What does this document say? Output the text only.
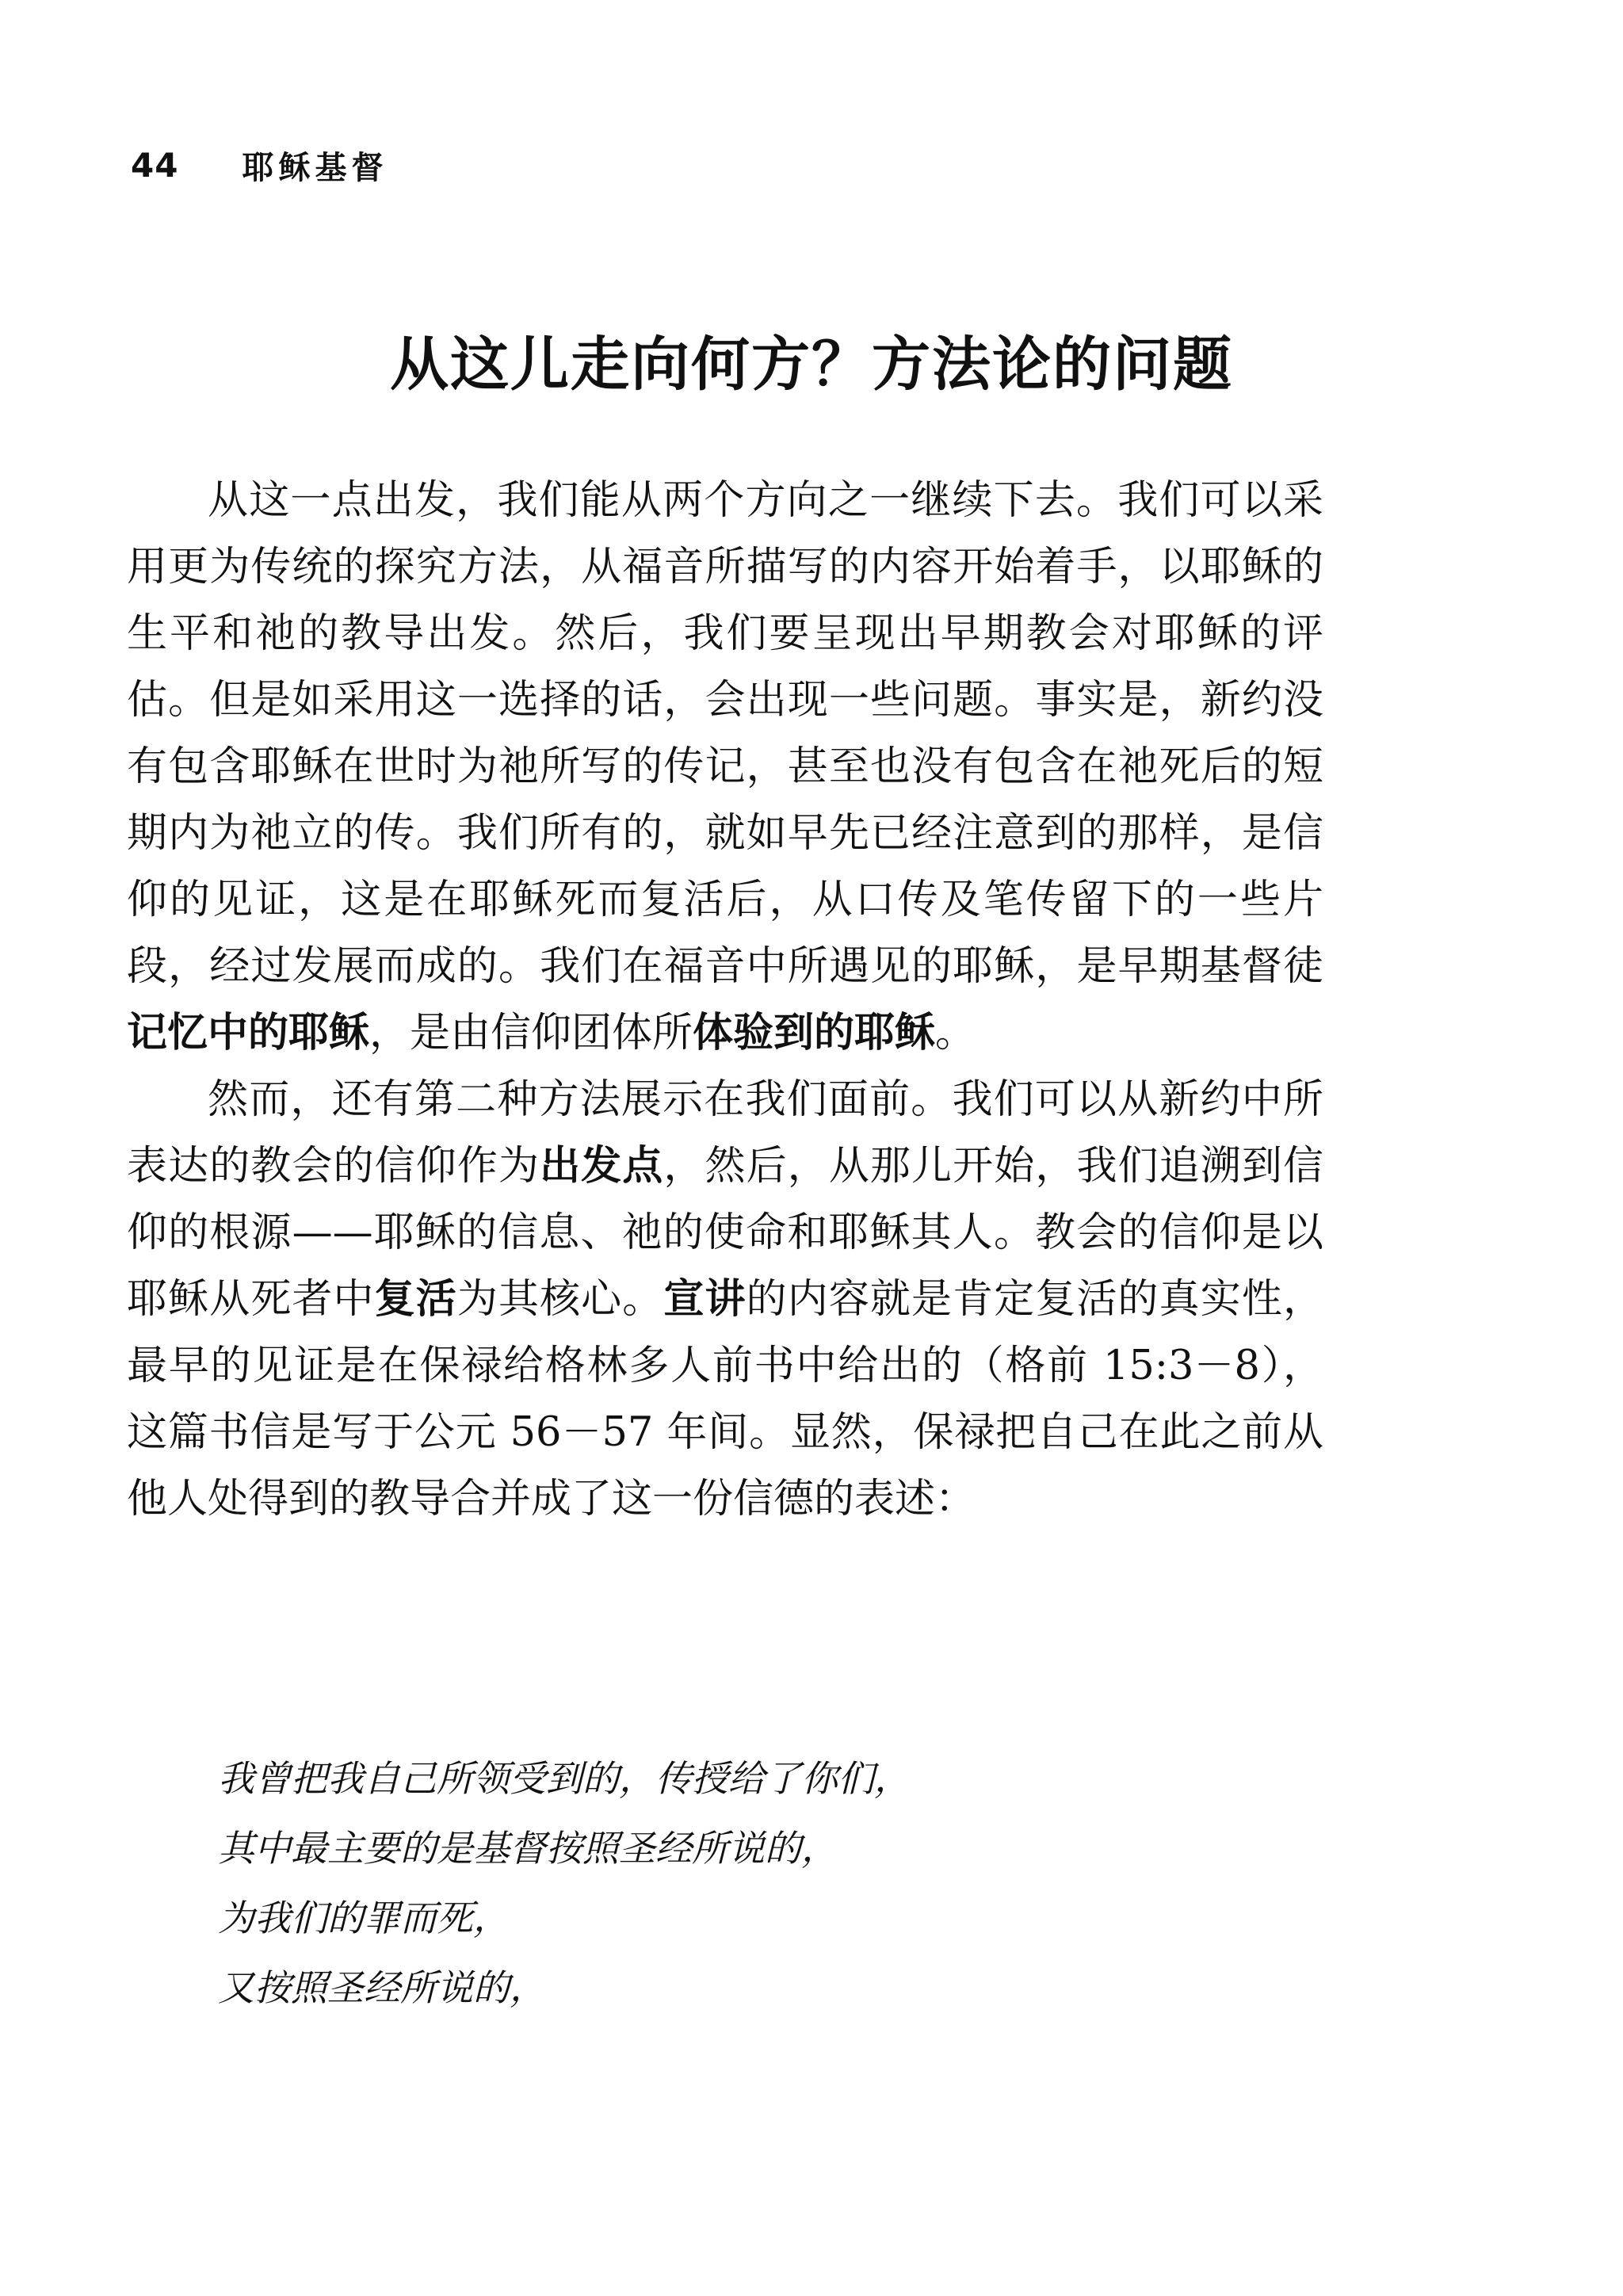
44 耶稣基督
从这儿走向何方？方法论的问题

从这一点出发，我们能从两个方向之一继续下去。我们可以采用更为传统的探究方法，从福音所描写的内容开始着手，以耶稣的生平和祂的教导出发。然后，我们要呈现出早期教会对耶稣的评估。但是如采用这一选择的话，会出现一些问题。事实是，新约没有包含耶稣在世时为祂所写的传记，甚至也没有包含在祂死后的短期内为祂立的传。我们所有的，就如早先已经注意到的那样，是信仰的见证，这是在耶稣死而复活后，从口传及笔传留下的一些片段，经过发展而成的。我们在福音中所遇见的耶稣，是早期基督徒记忆中的耶稣，是由信仰团体所体验到的耶稣。

然而，还有第二种方法展示在我们面前。我们可以从新约中所表达的教会的信仰作为出发点，然后，从那儿开始，我们追溯到信仰的根源——耶稣的信息、祂的使命和耶稣其人。教会的信仰是以耶稣从死者中复活为其核心。宣讲的内容就是肯定复活的真实性，最早的见证是在保禄给格林多人前书中给出的（格前 15:3－8），这篇书信是写于公元 56－57 年间。显然，保禄把自己在此之前从他人处得到的教导合并成了这一份信德的表述：

我曾把我自己所领受到的，传授给了你们，

其中最主要的是基督按照圣经所说的，

为我们的罪而死，

又按照圣经所说的，
